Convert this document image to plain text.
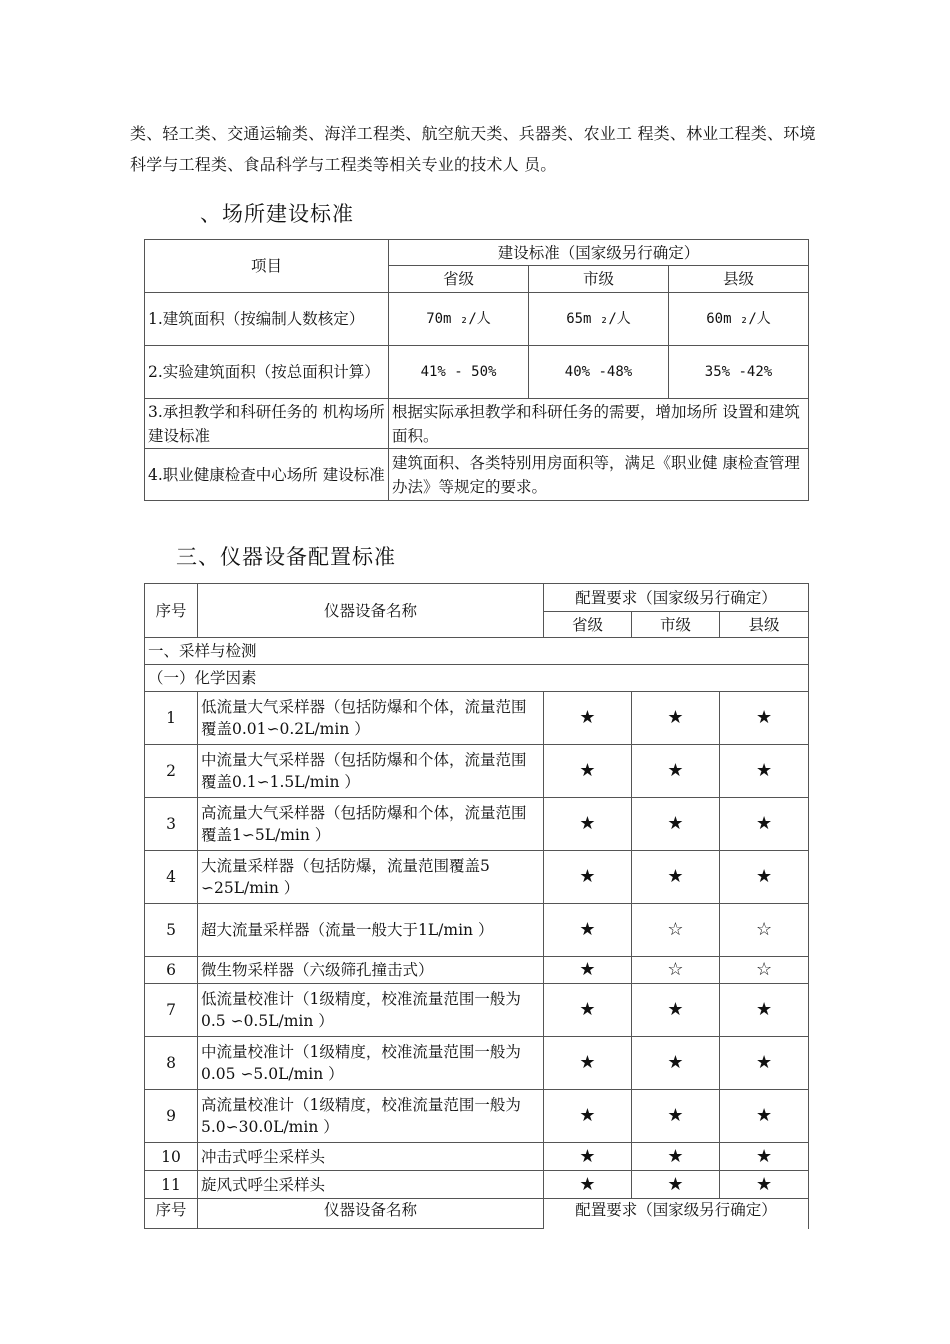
类、轻工类、交通运输类、海洋工程类、航空航天类、兵器类、农业工 程类、林业工程类、环境科学与工程类、食品科学与工程类等相关专业的技术人 员。

、场所建设标准
项目	建设标准（国家级另行确定）		
	省级	市级	县级
1.建筑面积（按编制人数核定）	70m ₂/人	65m ₂/人	60m ₂/人
2.实验建筑面积（按总面积计算）	41% - 50%	40% -48%	35% -42%
3.承担教学和科研任务的 机构场所建设标准	根据实际承担教学和科研任务的需要，增加场所 设置和建筑面积。		
4.职业健康检查中心场所 建设标准	建筑面积、各类特别用房面积等，满足《职业健 康检查管理办法》等规定的要求。		
三、仪器设备配置标准
序号	仪器设备名称	配置要求（国家级另行确定）		
		省级	市级	县级
一、采样与检测				
（一）化学因素				
1	低流量大气采样器（包括防爆和个体，流量范围覆盖0.01∽0.2L/min ）	★	★	★
2	中流量大气采样器（包括防爆和个体，流量范围覆盖0.1∽1.5L/min ）	★	★	★
3	高流量大气采样器（包括防爆和个体，流量范围覆盖1∽5L/min ）	★	★	★
4	大流量采样器（包括防爆，流量范围覆盖5 ∽25L/min ）	★	★	★
5	超大流量采样器（流量一般大于1L/min ）	★	☆	☆
6	微生物采样器（六级筛孔撞击式）	★	☆	☆
7	低流量校准计（1级精度，校准流量范围一般为 0.5 ∽0.5L/min ）	★	★	★
8	中流量校准计（1级精度，校准流量范围一般为 0.05 ∽5.0L/min ）	★	★	★
9	高流量校准计（1级精度，校准流量范围一般为 5.0∽30.0L/min ）	★	★	★
10	冲击式呼尘采样头	★	★	★
11	旋风式呼尘采样头	★	★	★
序号	仪器设备名称	配置要求（国家级另行确定）		
